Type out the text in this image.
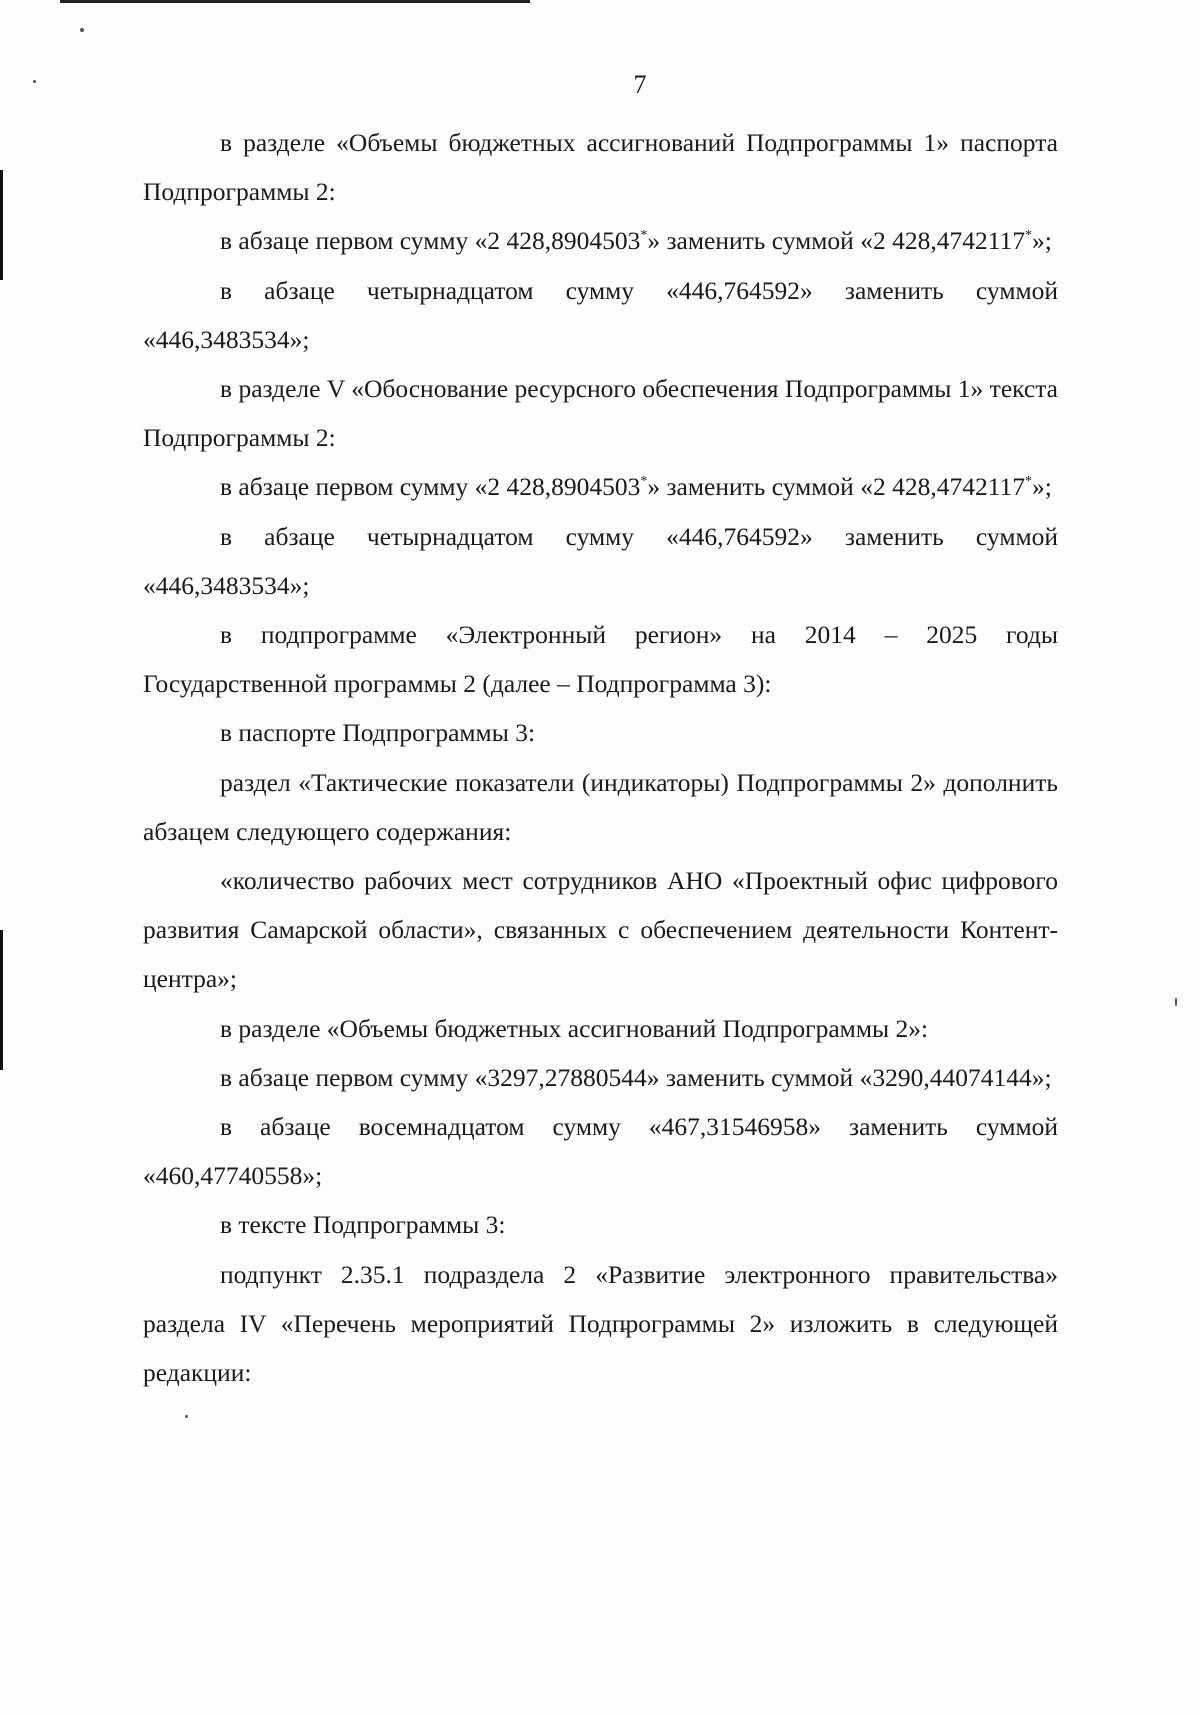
7

в разделе «Объемы бюджетных ассигнований Подпрограммы 1» паспорта Подпрограммы 2:

в абзаце первом сумму «2 428,8904503*» заменить суммой «2 428,4742117*»;

в абзаце четырнадцатом сумму «446,764592» заменить суммой «446,3483534»;

в разделе V «Обоснование ресурсного обеспечения Подпрограммы 1» текста Подпрограммы 2:

в абзаце первом сумму «2 428,8904503*» заменить суммой «2 428,4742117*»;

в абзаце четырнадцатом сумму «446,764592» заменить суммой «446,3483534»;

в подпрограмме «Электронный регион» на 2014 – 2025 годы Государственной программы 2 (далее – Подпрограмма 3):

в паспорте Подпрограммы 3:

раздел «Тактические показатели (индикаторы) Подпрограммы 2» дополнить абзацем следующего содержания:

«количество рабочих мест сотрудников АНО «Проектный офис цифрового развития Самарской области», связанных с обеспечением деятельности Контент-центра»;

в разделе «Объемы бюджетных ассигнований Подпрограммы 2»:

в абзаце первом сумму «3297,27880544» заменить суммой «3290,44074144»;

в абзаце восемнадцатом сумму «467,31546958» заменить суммой «460,47740558»;

в тексте Подпрограммы 3:

подпункт 2.35.1 подраздела 2 «Развитие электронного правительства» раздела IV «Перечень мероприятий Подпрограммы 2» изложить в следующей редакции:
